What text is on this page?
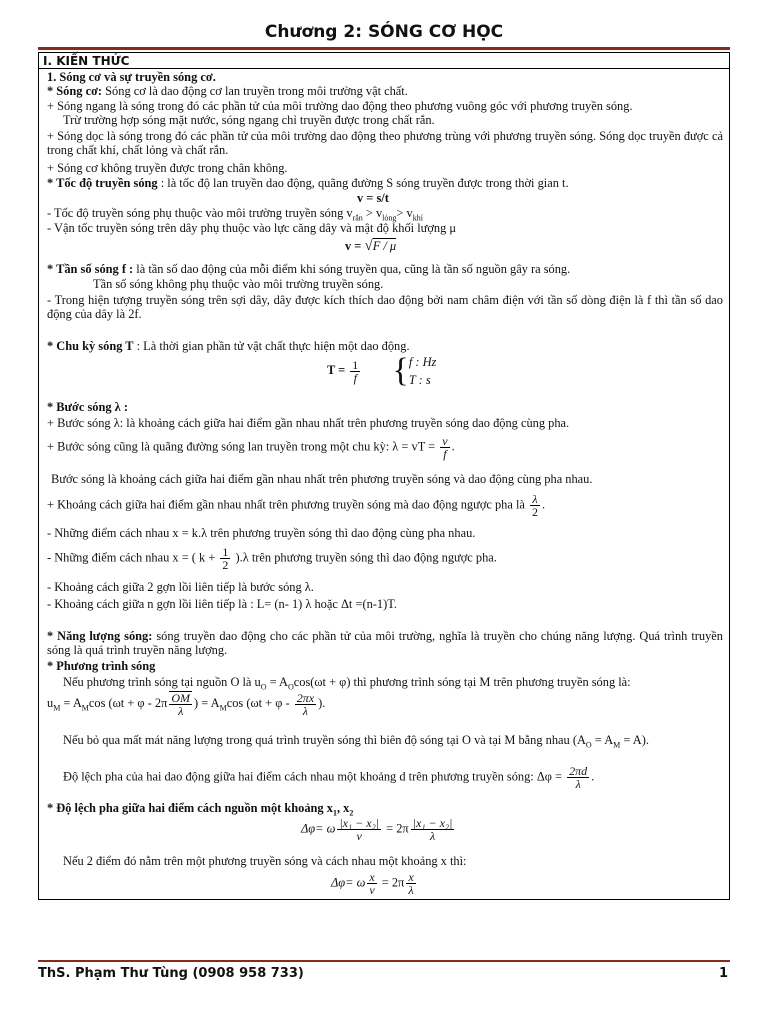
Chương 2: SÓNG CƠ HỌC
I. KIẾN THỨC
1. Sóng cơ và sự truyền sóng cơ.
* Sóng cơ: Sóng cơ là dao động cơ lan truyền trong môi trường vật chất.
+ Sóng ngang là sóng trong đó các phần tử của môi trường dao động theo phương vuông góc với phương truyền sóng.
Trừ trường hợp sóng mặt nước, sóng ngang chỉ truyền được trong chất rắn.
+ Sóng dọc là sóng trong đó các phần tử của môi trường dao động theo phương trùng với phương truyền sóng. Sóng dọc truyền được cả trong chất khí, chất lỏng và chất rắn.
+ Sóng cơ không truyền được trong chân không.
* Tốc độ truyền sóng : là tốc độ lan truyền dao động, quãng đường S sóng truyền được trong thời gian t.
v = s/t
- Tốc độ truyền sóng phụ thuộc vào môi trường truyền sóng $v_{rắn} > v_{lỏng}> v_{khí}$
- Vận tốc truyền sóng trên dây phụ thuộc vào lực căng dây và mật độ khối lượng μ
v = √F / μ
* Tần số sóng f : là tần số dao động của mỗi điểm khi sóng truyền qua, cũng là tần số nguồn gây ra sóng.
Tần số sóng không phụ thuộc vào môi trường truyền sóng.
- Trong hiện tượng truyền sóng trên sợi dây, dây được kích thích dao động bởi nam châm điện với tần số dòng điện là f thì tần số dao động của dây là 2f.
* Chu kỳ sóng T : Là thời gian phần tử vật chất thực hiện một dao động.
$T = \frac{1}{f}$ { f : Hz
T : s
* Bước sóng λ :
+ Bước sóng λ: là khoảng cách giữa hai điểm gần nhau nhất trên phương truyền sóng dao động cùng pha.
+ Bước sóng cũng là quãng đường sóng lan truyền trong một chu kỳ: λ = vT = $\frac{v}{f}$ .
Bước sóng là khoảng cách giữa hai điểm gần nhau nhất trên phương truyền sóng và dao động cùng pha nhau.
+ Khoảng cách giữa hai điểm gần nhau nhất trên phương truyền sóng mà dao động ngược pha là $\frac{\lambda}{2}$ .
- Những điểm cách nhau x = k.λ trên phương truyền sóng thì dao động cùng pha nhau.
- Những điểm cách nhau x = ( $k + \frac{1}{2} ).\lambda$ trên phương truyền sóng thì dao động ngược pha.
- Khoảng cách giữa 2 gợn lồi liên tiếp là bước sóng λ.
- Khoảng cách giữa n gợn lồi liên tiếp là : L= (n- 1) λ hoặc Δt =(n-1)T.
* Năng lượng sóng: sóng truyền dao động cho các phần tử của môi trường, nghĩa là truyền cho chúng năng lượng. Quá trình truyền sóng là quá trình truyền năng lượng.
* Phương trình sóng
Nếu phương trình sóng tại nguồn O là $u_O = A_O\cos(\omega t + \varphi)$ thì phương trình sóng tại M trên phương truyền sóng là:
$u_M = A_M\cos$ ($\omega t + \varphi - 2\pi \frac{OM}{\lambda}$ ) = $A_M\cos$ ($\omega t + \varphi - \frac{2\pi x}{\lambda}$ ).
Nếu bỏ qua mất mát năng lượng trong quá trình truyền sóng thì biên độ sóng tại O và tại M bằng nhau $(A_O = A_M = A)$.
Độ lệch pha của hai dao động giữa hai điểm cách nhau một khoảng d trên phương truyền sóng: $\Delta\varphi = \frac{2\pi d}{\lambda}$ .
* Độ lệch pha giữa hai điểm cách nguồn một khoảng $x_1$, $x_2$
Δφ= ω $\frac{\text{|x₁ − x₂|}}{v} = 2\pi \frac{\text{|x₁ − x₂|}}{\lambda}$
Nếu 2 điểm đó nằm trên một phương truyền sóng và cách nhau một khoảng x thì:
Δφ= ω $\frac{x}{v} = 2\pi \frac{x}{\lambda}$
ThS. Phạm Thư Tùng (0908 958 733)	1
